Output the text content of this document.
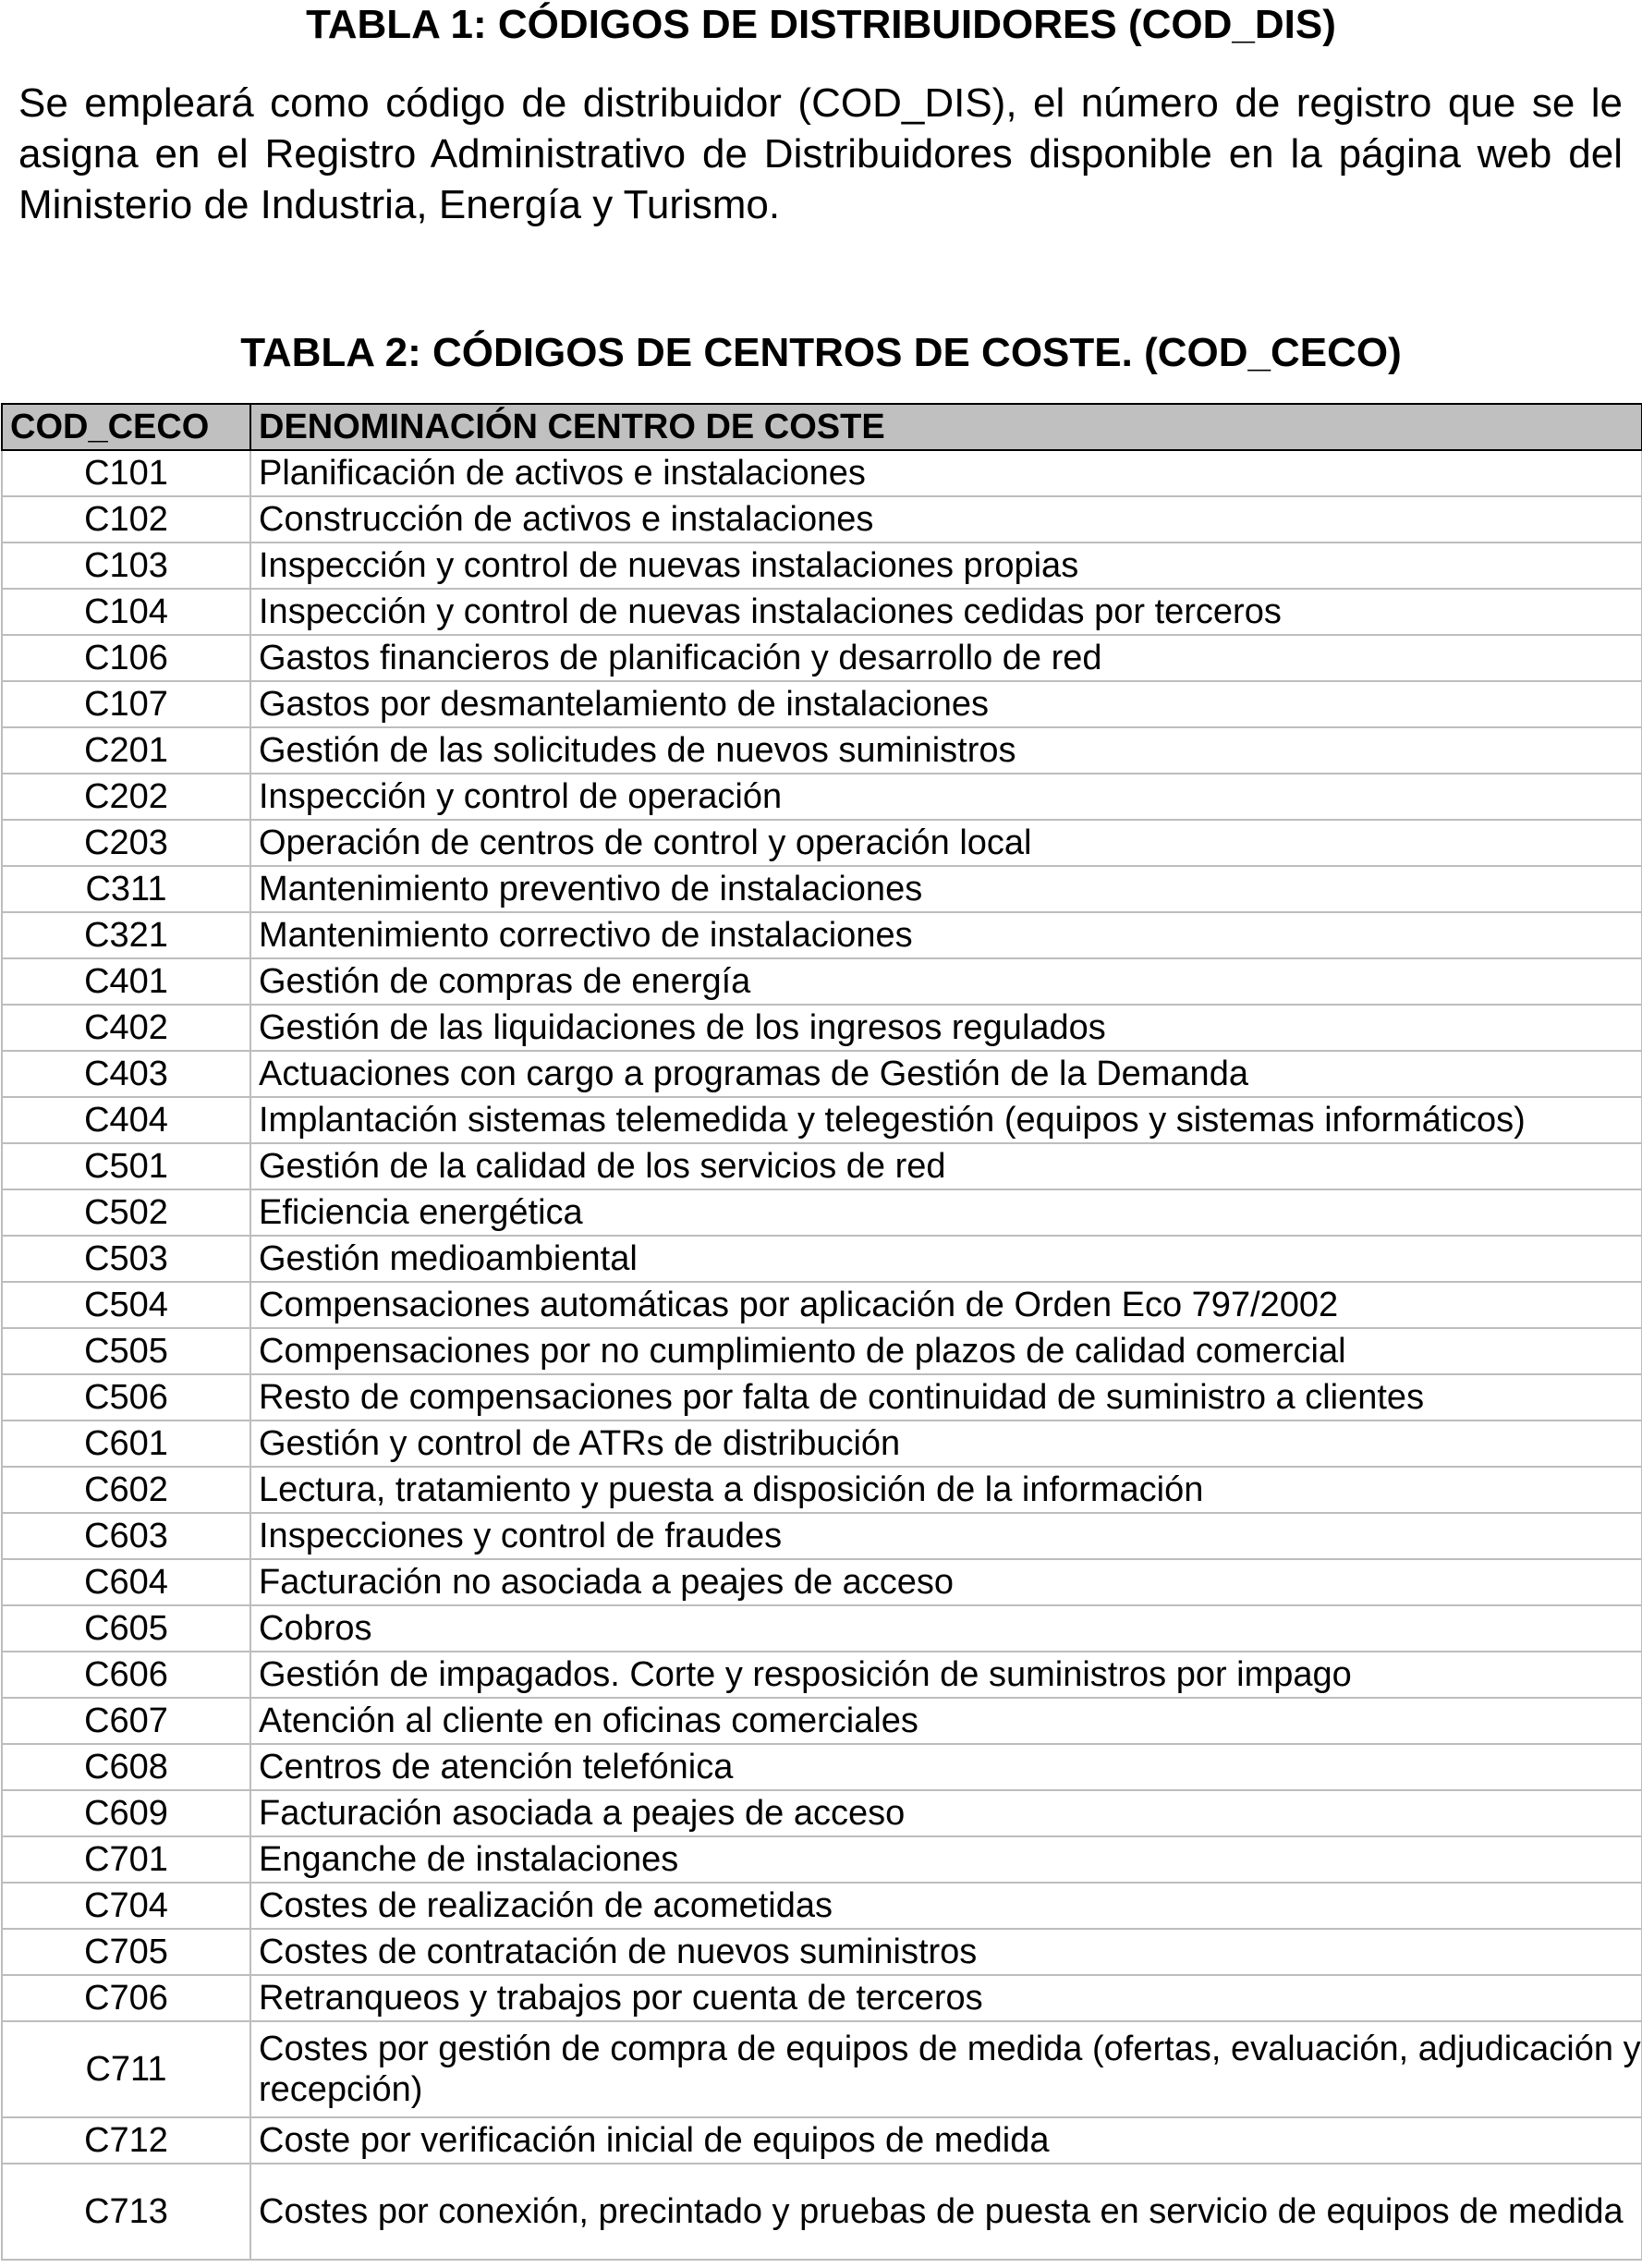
TABLA 1: CÓDIGOS DE DISTRIBUIDORES (COD_DIS)

Se empleará como código de distribuidor (COD_DIS), el número de registro que se le asigna en el Registro Administrativo de Distribuidores disponible en la página web del Ministerio de Industria, Energía y Turismo.

TABLA 2: CÓDIGOS DE CENTROS DE COSTE. (COD_CECO)
COD_CECO	DENOMINACIÓN CENTRO DE COSTE
C101	Planificación de activos e instalaciones
C102	Construcción de activos e instalaciones
C103	Inspección y control de nuevas instalaciones propias
C104	Inspección y control de nuevas instalaciones cedidas por terceros
C106	Gastos financieros de planificación y desarrollo de red
C107	Gastos por desmantelamiento de instalaciones
C201	Gestión de las solicitudes de nuevos suministros
C202	Inspección y control de operación
C203	Operación de centros de control y operación local
C311	Mantenimiento preventivo de instalaciones
C321	Mantenimiento correctivo de instalaciones
C401	Gestión de compras de energía
C402	Gestión de las liquidaciones de los ingresos regulados
C403	Actuaciones con cargo a programas de Gestión de la Demanda
C404	Implantación sistemas telemedida y telegestión (equipos y sistemas informáticos)
C501	Gestión de la calidad de los servicios de red
C502	Eficiencia energética
C503	Gestión medioambiental
C504	Compensaciones automáticas por aplicación de Orden Eco 797/2002
C505	Compensaciones por no cumplimiento de plazos de calidad comercial
C506	Resto de compensaciones por falta de continuidad de suministro a clientes
C601	Gestión y control de ATRs de distribución
C602	Lectura, tratamiento y puesta a disposición de la información
C603	Inspecciones y control de fraudes
C604	Facturación no asociada a peajes de acceso
C605	Cobros
C606	Gestión de impagados. Corte y resposición de suministros por impago
C607	Atención al cliente en oficinas comerciales
C608	Centros de atención telefónica
C609	Facturación asociada a peajes de acceso
C701	Enganche de instalaciones
C704	Costes de realización de acometidas
C705	Costes de contratación de nuevos suministros
C706	Retranqueos y trabajos por cuenta de terceros
C711	Costes por gestión de compra de equipos de medida (ofertas, evaluación, adjudicación y recepción)
C712	Coste por verificación inicial de equipos de medida
C713	Costes por conexión, precintado y pruebas de puesta en servicio de equipos de medida
